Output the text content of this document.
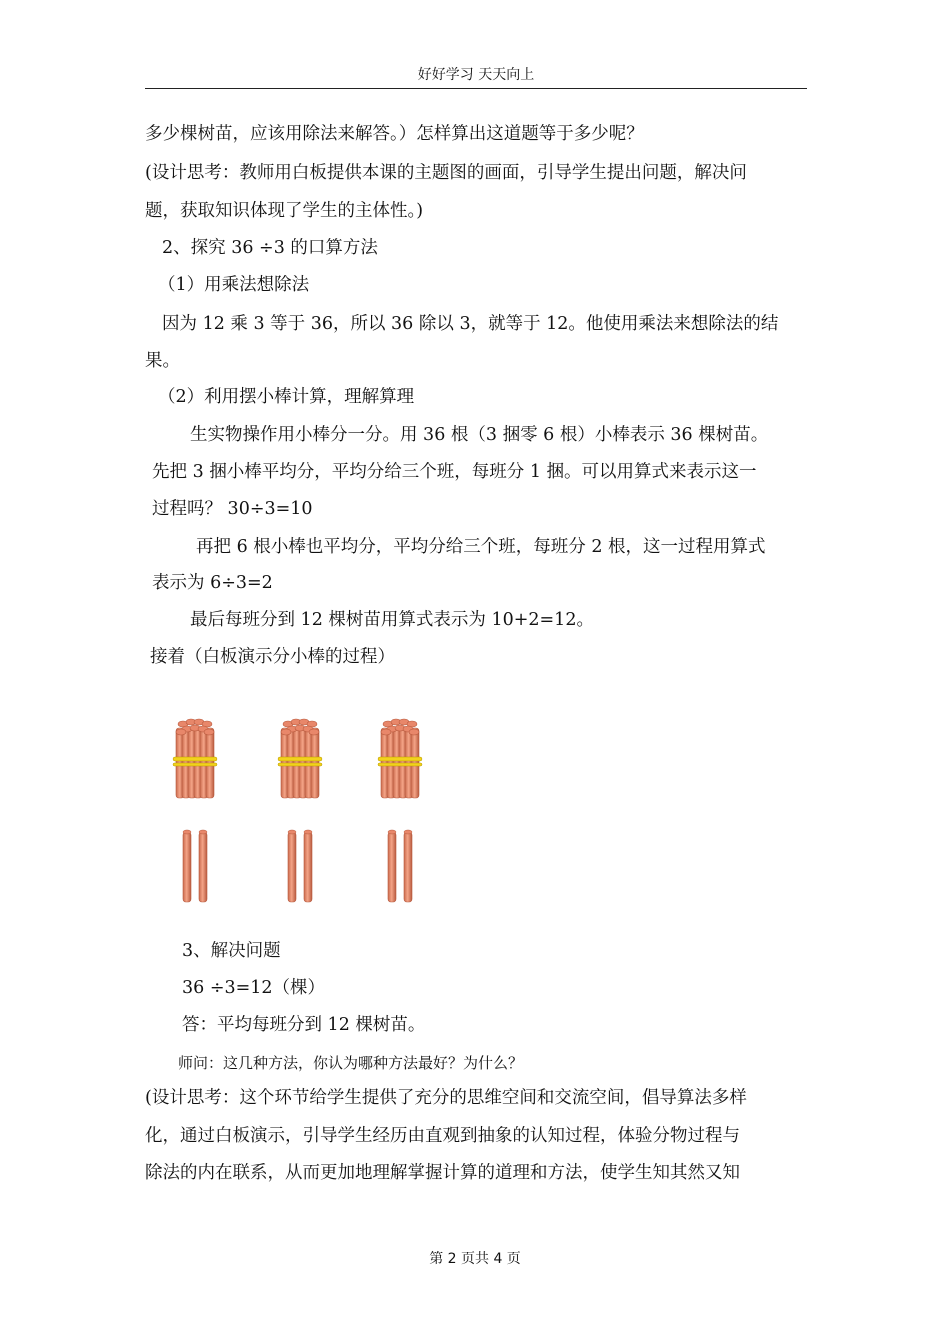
好好学习 天天向上
多少棵树苗，应该用除法来解答。）怎样算出这道题等于多少呢？
(设计思考：教师用白板提供本课的主题图的画面，引导学生提出问题，解决问
题，获取知识体现了学生的主体性。)
2、探究 36 ÷3 的口算方法
（1）用乘法想除法
因为 12 乘 3 等于 36，所以 36 除以 3，就等于 12。他使用乘法来想除法的结
果。
（2）利用摆小棒计算，理解算理
生实物操作用小棒分一分。用 36 根（3 捆零 6 根）小棒表示 36 棵树苗。
先把 3 捆小棒平均分，平均分给三个班，每班分 1 捆。可以用算式来表示这一
过程吗？ 30÷3=10
再把 6 根小棒也平均分，平均分给三个班，每班分 2 根，这一过程用算式
表示为 6÷3=2
最后每班分到 12 棵树苗用算式表示为 10+2=12。
接着（白板演示分小棒的过程）
3、解决问题
36 ÷3=12（棵）
答：平均每班分到 12 棵树苗。
师问：这几种方法，你认为哪种方法最好？为什么？
(设计思考：这个环节给学生提供了充分的思维空间和交流空间，倡导算法多样
化，通过白板演示，引导学生经历由直观到抽象的认知过程，体验分物过程与
除法的内在联系，从而更加地理解掌握计算的道理和方法，使学生知其然又知
第 2 页共 4 页
